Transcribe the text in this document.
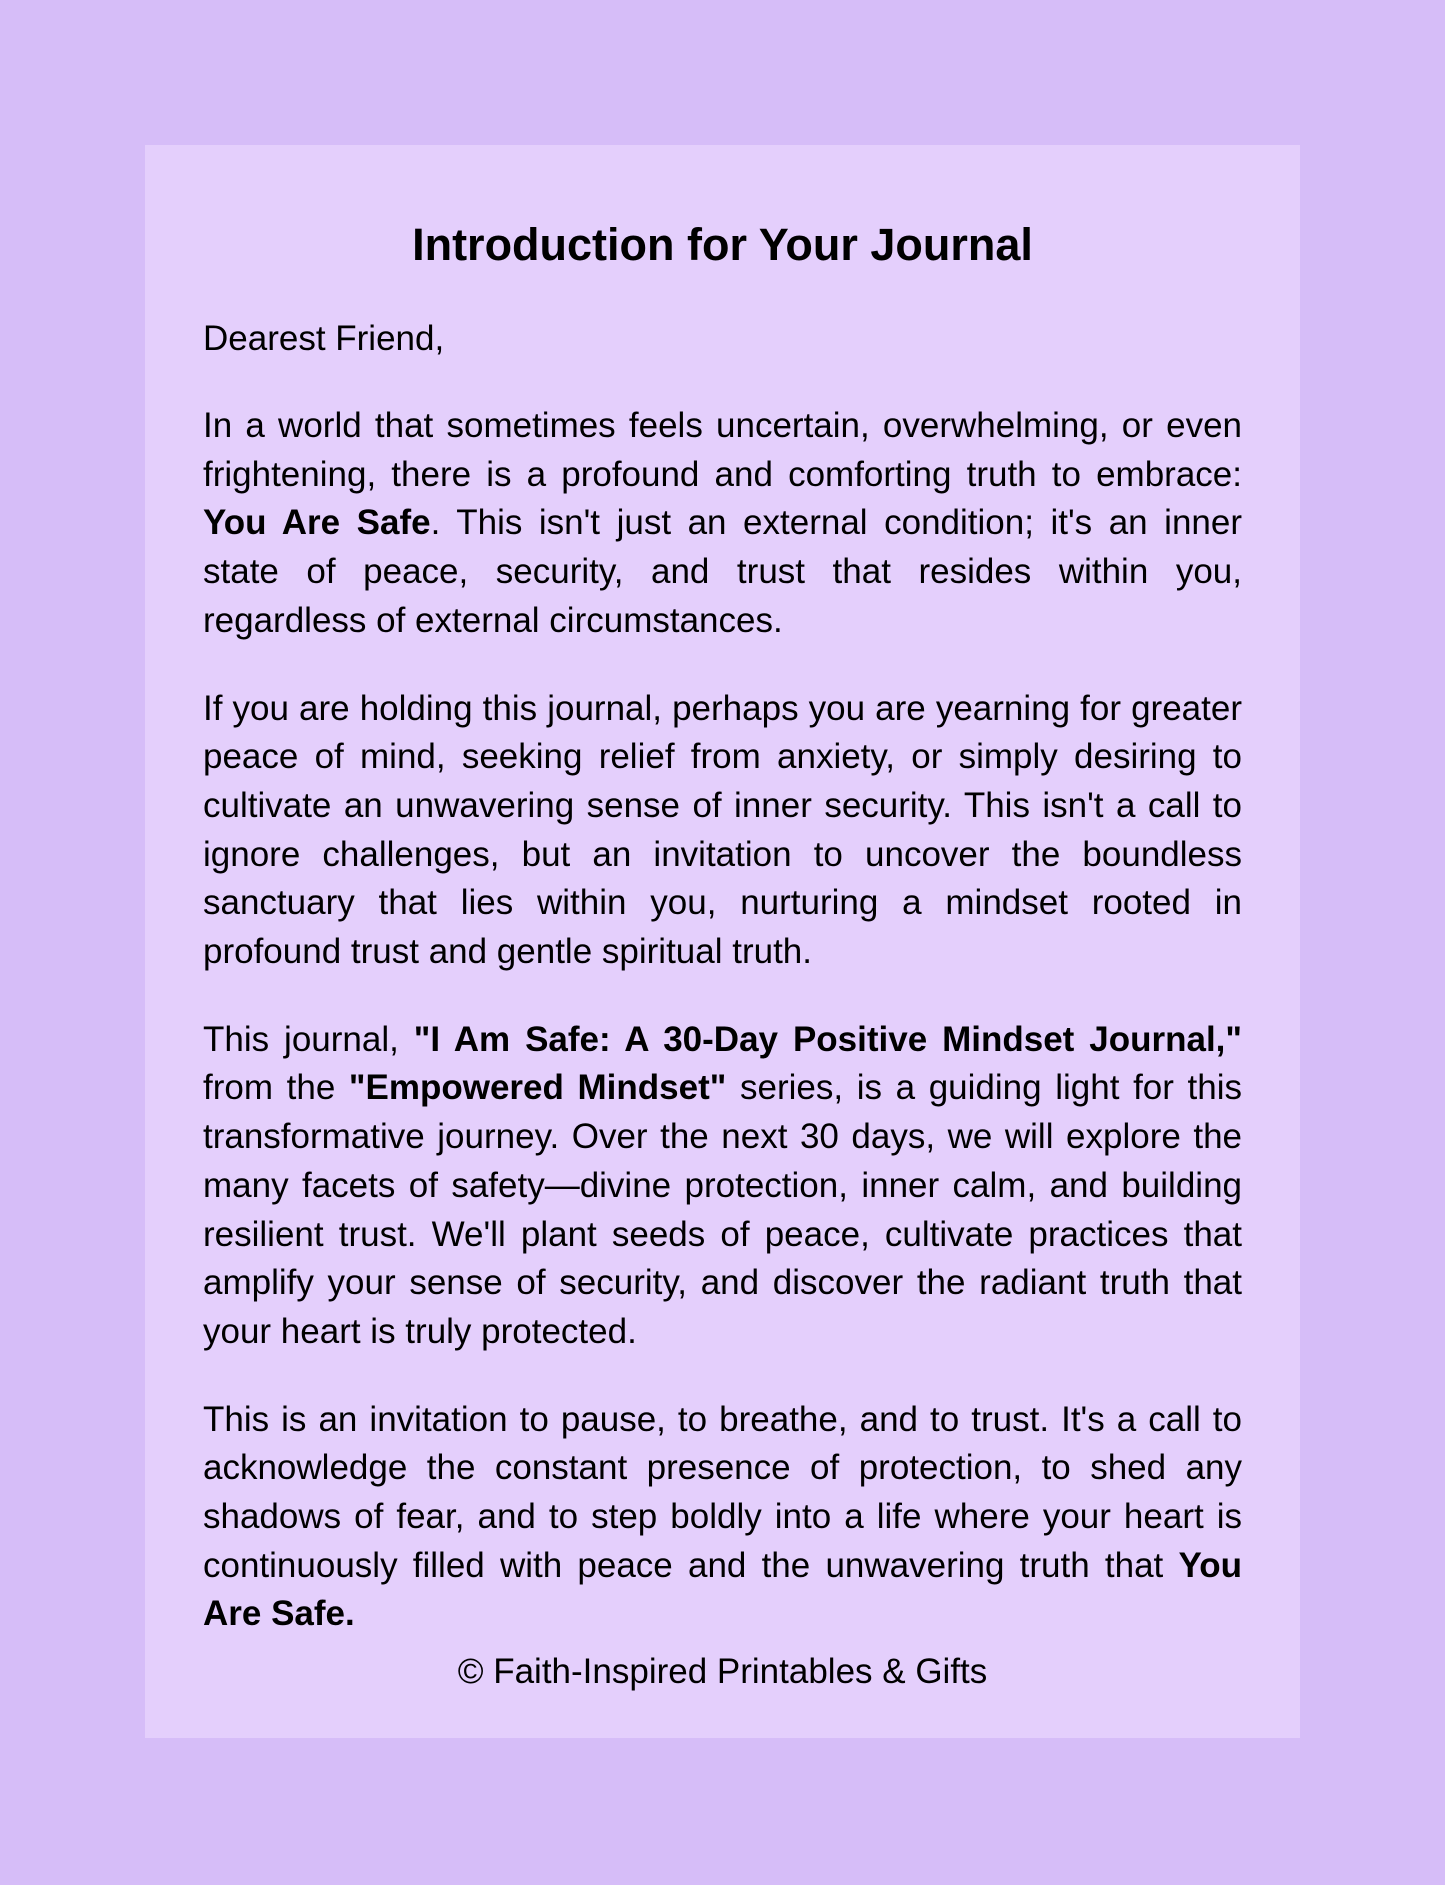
Introduction for Your Journal

Dearest Friend,

In a world that sometimes feels uncertain, overwhelming, or even frightening, there is a profound and comforting truth to embrace: You Are Safe. This isn't just an external condition; it's an inner state of peace, security, and trust that resides within you, regardless of external circumstances.

If you are holding this journal, perhaps you are yearning for greater peace of mind, seeking relief from anxiety, or simply desiring to cultivate an unwavering sense of inner security. This isn't a call to ignore challenges, but an invitation to uncover the boundless sanctuary that lies within you, nurturing a mindset rooted in profound trust and gentle spiritual truth.

This journal, "I Am Safe: A 30-Day Positive Mindset Journal," from the "Empowered Mindset" series, is a guiding light for this transformative journey. Over the next 30 days, we will explore the many facets of safety—divine protection, inner calm, and building resilient trust. We'll plant seeds of peace, cultivate practices that amplify your sense of security, and discover the radiant truth that your heart is truly protected.

This is an invitation to pause, to breathe, and to trust. It's a call to acknowledge the constant presence of protection, to shed any shadows of fear, and to step boldly into a life where your heart is continuously filled with peace and the unwavering truth that You Are Safe.

© Faith-Inspired Printables & Gifts
